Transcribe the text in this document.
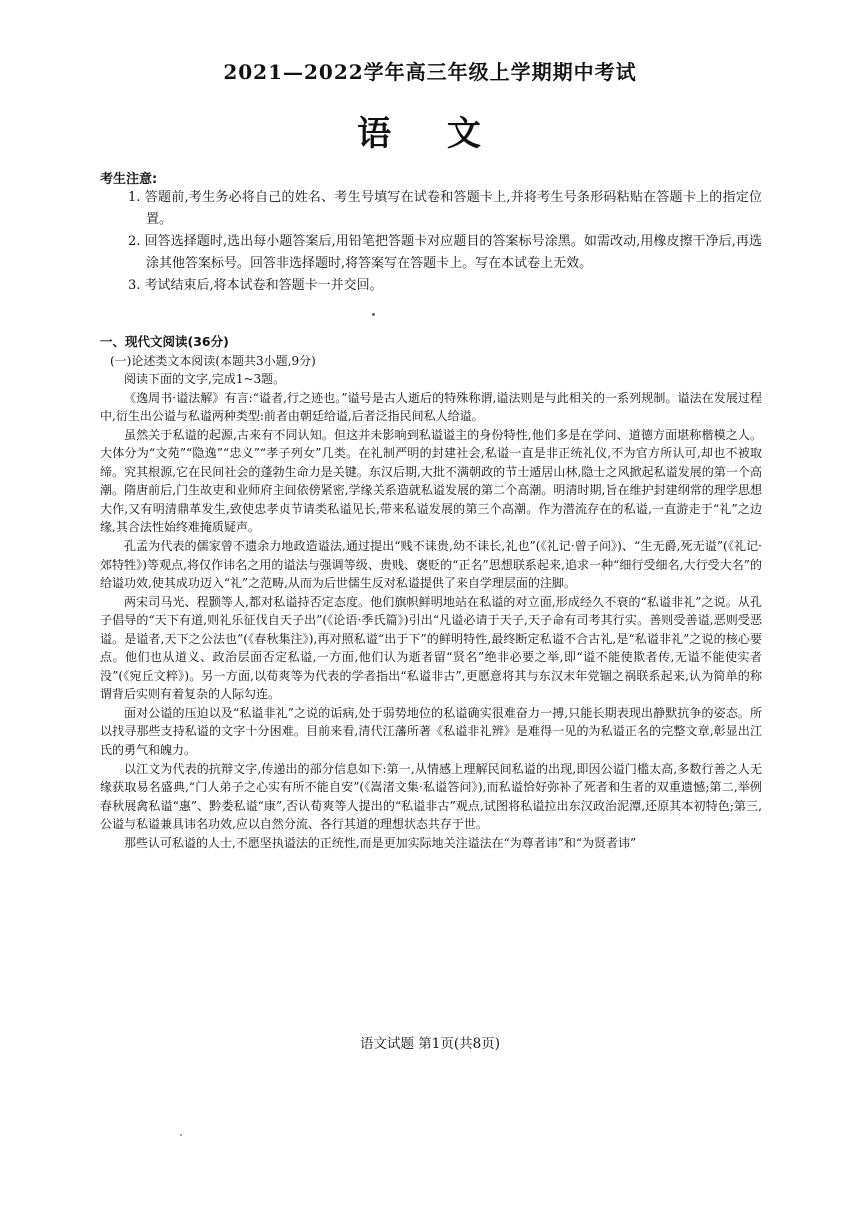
2021—2022学年高三年级上学期期中考试
语 文
考生注意:

1. 答题前,考生务必将自己的姓名、考生号填写在试卷和答题卡上,并将考生号条形码粘贴在答题卡上的指定位置。

2. 回答选择题时,选出每小题答案后,用铅笔把答题卡对应题目的答案标号涂黑。如需改动,用橡皮擦干净后,再选涂其他答案标号。回答非选择题时,将答案写在答题卡上。写在本试卷上无效。

3. 考试结束后,将本试卷和答题卡一并交回。

一、现代文阅读(36分)
(一)论述类文本阅读(本题共3小题,9分)
阅读下面的文字,完成1~3题。

《逸周书·谥法解》有言:“谥者,行之迹也。”谥号是古人逝后的特殊称谓,谥法则是与此相关的一系列规制。谥法在发展过程中,衍生出公谥与私谥两种类型:前者由朝廷给谥,后者泛指民间私人给谥。

虽然关于私谥的起源,古来有不同认知。但这并未影响到私谥谥主的身份特性,他们多是在学问、道德方面堪称楷模之人。大体分为“文苑”“隐逸”“忠义”“孝子列女”几类。在礼制严明的封建社会,私谥一直是非正统礼仪,不为官方所认可,却也不被取缔。究其根源,它在民间社会的蓬勃生命力是关键。东汉后期,大批不满朝政的节士遁居山林,隐士之风掀起私谥发展的第一个高潮。隋唐前后,门生故吏和业师府主间依傍紧密,学缘关系造就私谥发展的第二个高潮。明清时期,旨在维护封建纲常的理学思想大作,又有明清鼎革发生,致使忠孝贞节请类私谥见长,带来私谥发展的第三个高潮。作为潜流存在的私谥,一直游走于“礼”之边缘,其合法性始终难掩质疑声。

孔孟为代表的儒家曾不遗余力地政造谥法,通过提出“贱不诔贵,幼不诔长,礼也”(《礼记·曾子问》)、“生无爵,死无谥”(《礼记·郊特牲》)等观点,将仅作讳名之用的谥法与强调等级、贵贱、褒贬的“正名”思想联系起来,追求一种“细行受细名,大行受大名”的给谥功效,使其成功迈入“礼”之范畴,从而为后世儒生反对私谥提供了来自学理层面的注脚。

两宋司马光、程颢等人,都对私谥持否定态度。他们旗帜鲜明地站在私谥的对立面,形成经久不衰的“私谥非礼”之说。从孔子倡导的“天下有道,则礼乐征伐自天子出”(《论语·季氏篇》)引出“凡谥必请于天子,天子命有司考其行实。善则受善谥,恶则受恶谥。是谥者,天下之公法也”(《春秋集注》),再对照私谥“出于下”的鲜明特性,最终断定私谥不合古礼,是“私谥非礼”之说的核心要点。他们也从道义、政治层面否定私谥,一方面,他们认为逝者留“贤名”绝非必要之举,即“谥不能使欺者传,无谥不能使实者没”(《宛丘文粹》)。另一方面,以荀爽等为代表的学者指出“私谥非古”,更愿意将其与东汉末年党锢之祸联系起来,认为简单的称谓背后实则有着复杂的人际勾连。

面对公谥的压迫以及“私谥非礼”之说的诟病,处于弱势地位的私谥确实很难奋力一搏,只能长期表现出静默抗争的姿态。所以找寻那些支持私谥的文字十分困难。目前来看,清代江藩所著《私谥非礼辨》是难得一见的为私谥正名的完整文章,彰显出江氏的勇气和魄力。

以江文为代表的抗辩文字,传递出的部分信息如下:第一,从情感上理解民间私谥的出现,即因公谥门槛太高,多数行善之人无缘获取易名盛典,“门人弟子之心实有所不能自安”(《嵩渚文集·私谥答问》),而私谥恰好弥补了死者和生者的双重遗憾;第二,举例春秋展禽私谥“惠”、黔娄私谥“康”,否认荀爽等人提出的“私谥非古”观点,试图将私谥拉出东汉政治泥潭,还原其本初特色;第三,公谥与私谥兼具讳名功效,应以自然分流、各行其道的理想状态共存于世。

那些认可私谥的人士,不愿坚执谥法的正统性,而是更加实际地关注谥法在“为尊者讳”和“为贤者讳”

语文试题 第1页(共8页)
